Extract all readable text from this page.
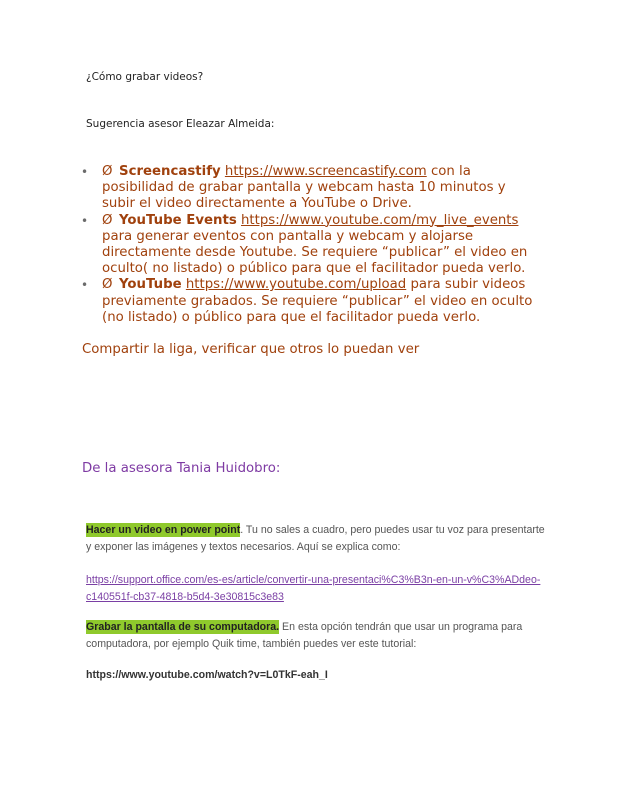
¿Cómo grabar videos?
Sugerencia asesor Eleazar Almeida:
• Ø Screencastify https://www.screencastify.com con la posibilidad de grabar pantalla y webcam hasta 10 minutos y subir el video directamente a YouTube o Drive.
• Ø YouTube Events https://www.youtube.com/my_live_events para generar eventos con pantalla y webcam y alojarse directamente desde Youtube. Se requiere “publicar” el video en oculto( no listado) o público para que el facilitador pueda verlo.
• Ø YouTube https://www.youtube.com/upload para subir videos previamente grabados. Se requiere “publicar” el video en oculto (no listado) o público para que el facilitador pueda verlo.
Compartir la liga, verificar que otros lo puedan ver
De la asesora Tania Huidobro:
Hacer un video en power point. Tu no sales a cuadro, pero puedes usar tu voz para presentarte y exponer las imágenes y textos necesarios. Aquí se explica como:
https://support.office.com/es-es/article/convertir-una-presentaci%C3%B3n-en-un-v%C3%ADdeo-c140551f-cb37-4818-b5d4-3e30815c3e83
Grabar la pantalla de su computadora. En esta opción tendrán que usar un programa para computadora, por ejemplo Quik time, también puedes ver este tutorial:
https://www.youtube.com/watch?v=L0TkF-eah_I
